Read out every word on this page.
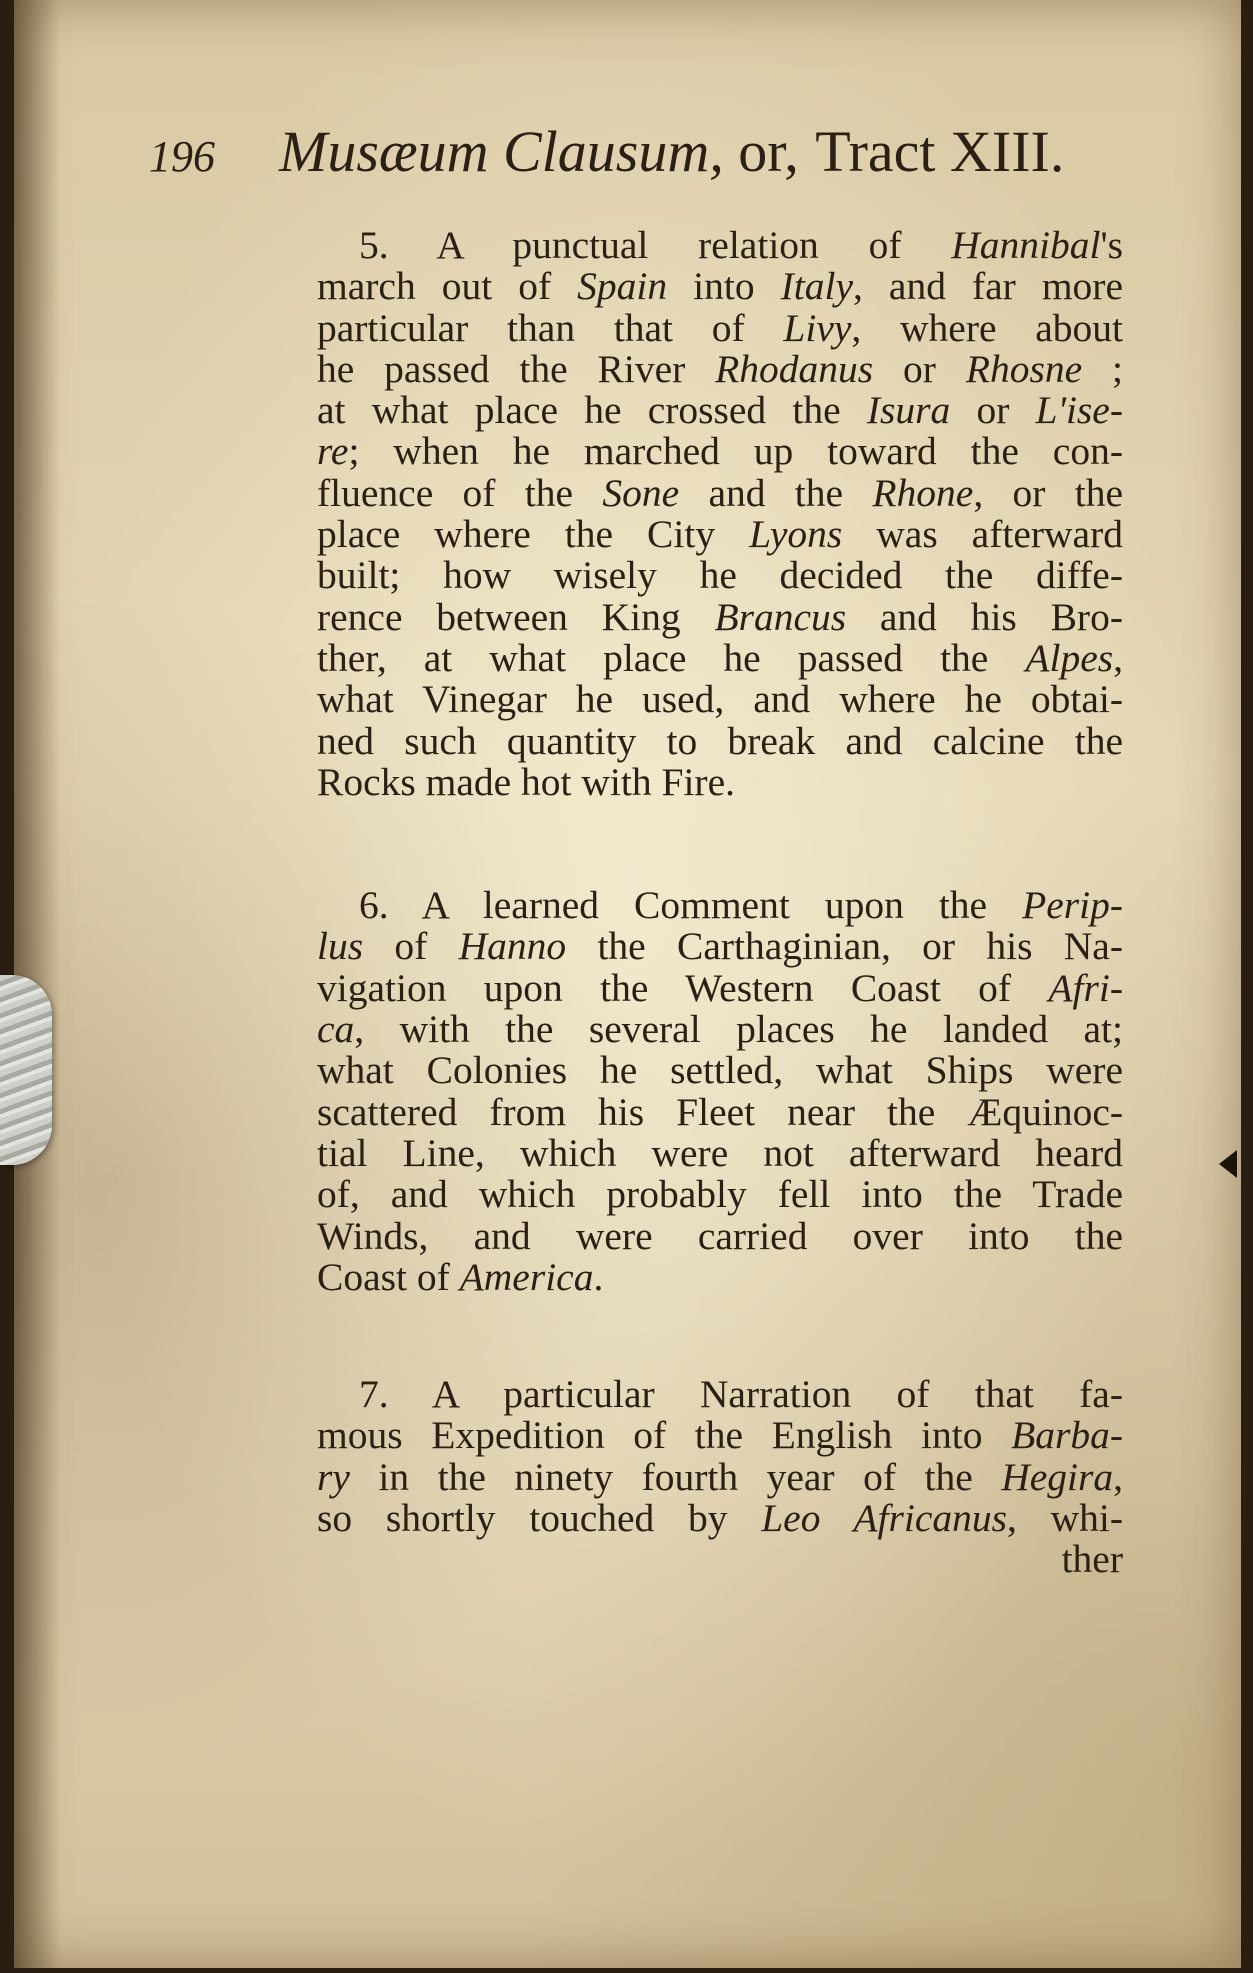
196 Musæum Clausum, or, Tract XIII.

5. A punctual relation of Hannibal's
march out of Spain into Italy, and far more
particular than that of Livy, where about
he passed the River Rhodanus or Rhosne ;
at what place he crossed the Isura or L'ise-
re; when he marched up toward the con-
fluence of the Sone and the Rhone, or the
place where the City Lyons was afterward
built; how wisely he decided the diffe-
rence between King Brancus and his Bro-
ther, at what place he passed the Alpes,
what Vinegar he used, and where he obtai-
ned such quantity to break and calcine the
Rocks made hot with Fire.

6. A learned Comment upon the Perip-
lus of Hanno the Carthaginian, or his Na-
vigation upon the Western Coast of Afri-
ca, with the several places he landed at;
what Colonies he settled, what Ships were
scattered from his Fleet near the Æquinoc-
tial Line, which were not afterward heard
of, and which probably fell into the Trade
Winds, and were carried over into the
Coast of America.

7. A particular Narration of that fa-
mous Expedition of the English into Barba-
ry in the ninety fourth year of the Hegira,
so shortly touched by Leo Africanus, whi-

ther
